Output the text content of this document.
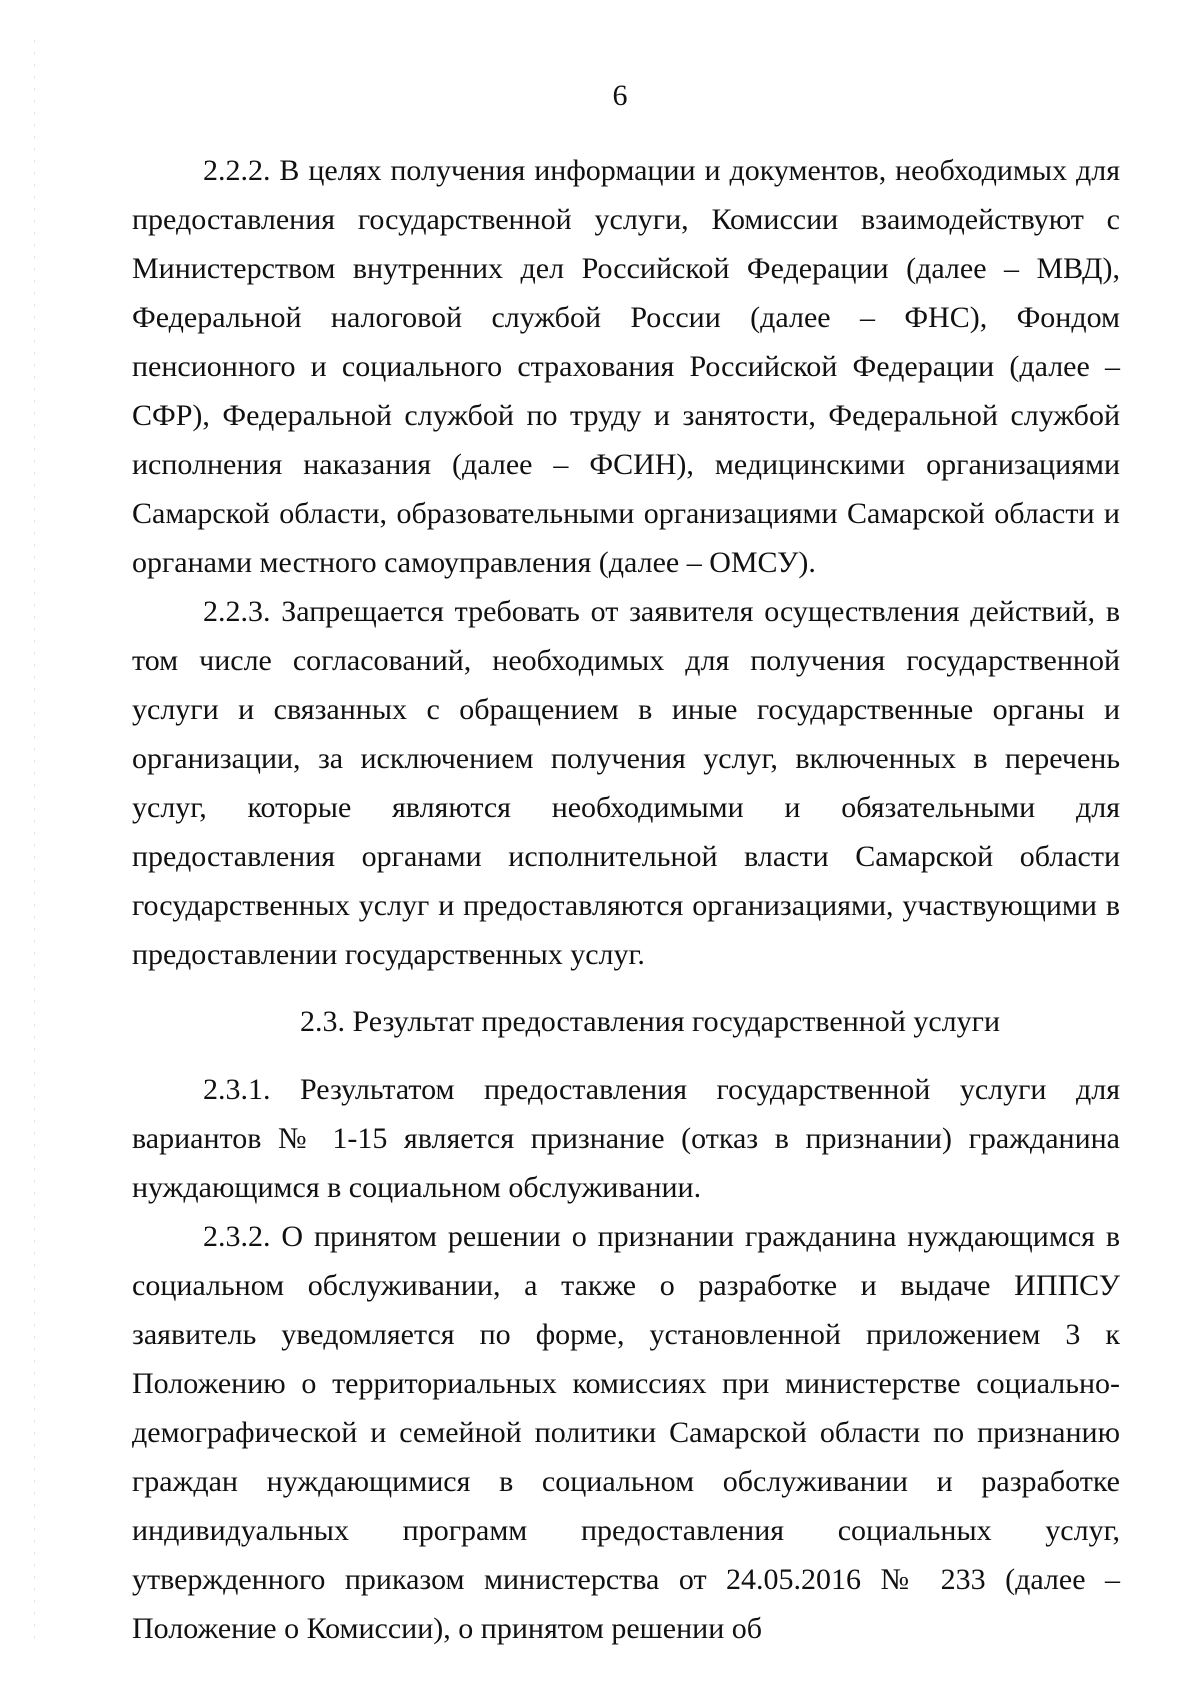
6

2.2.2. В целях получения информации и документов, необходимых для предоставления государственной услуги, Комиссии взаимодействуют с Министерством внутренних дел Российской Федерации (далее – МВД), Федеральной налоговой службой России (далее – ФНС), Фондом пенсионного и социального страхования Российской Федерации (далее – СФР), Федеральной службой по труду и занятости, Федеральной службой исполнения наказания (далее – ФСИН), медицинскими организациями Самарской области, образовательными организациями Самарской области и органами местного самоуправления (далее – ОМСУ).

2.2.3. Запрещается требовать от заявителя осуществления действий, в том числе согласований, необходимых для получения государственной услуги и связанных с обращением в иные государственные органы и организации, за исключением получения услуг, включенных в перечень услуг, которые являются необходимыми и обязательными для предоставления органами исполнительной власти Самарской области государственных услуг и предоставляются организациями, участвующими в предоставлении государственных услуг.

2.3. Результат предоставления государственной услуги

2.3.1. Результатом предоставления государственной услуги для вариантов № 1-15 является признание (отказ в признании) гражданина нуждающимся в социальном обслуживании.

2.3.2. О принятом решении о признании гражданина нуждающимся в социальном обслуживании, а также о разработке и выдаче ИППСУ заявитель уведомляется по форме, установленной приложением 3 к Положению о территориальных комиссиях при министерстве социально-демографической и семейной политики Самарской области по признанию граждан нуждающимися в социальном обслуживании и разработке индивидуальных программ предоставления социальных услуг, утвержденного приказом министерства от 24.05.2016 № 233 (далее – Положение о Комиссии), о принятом решении об
